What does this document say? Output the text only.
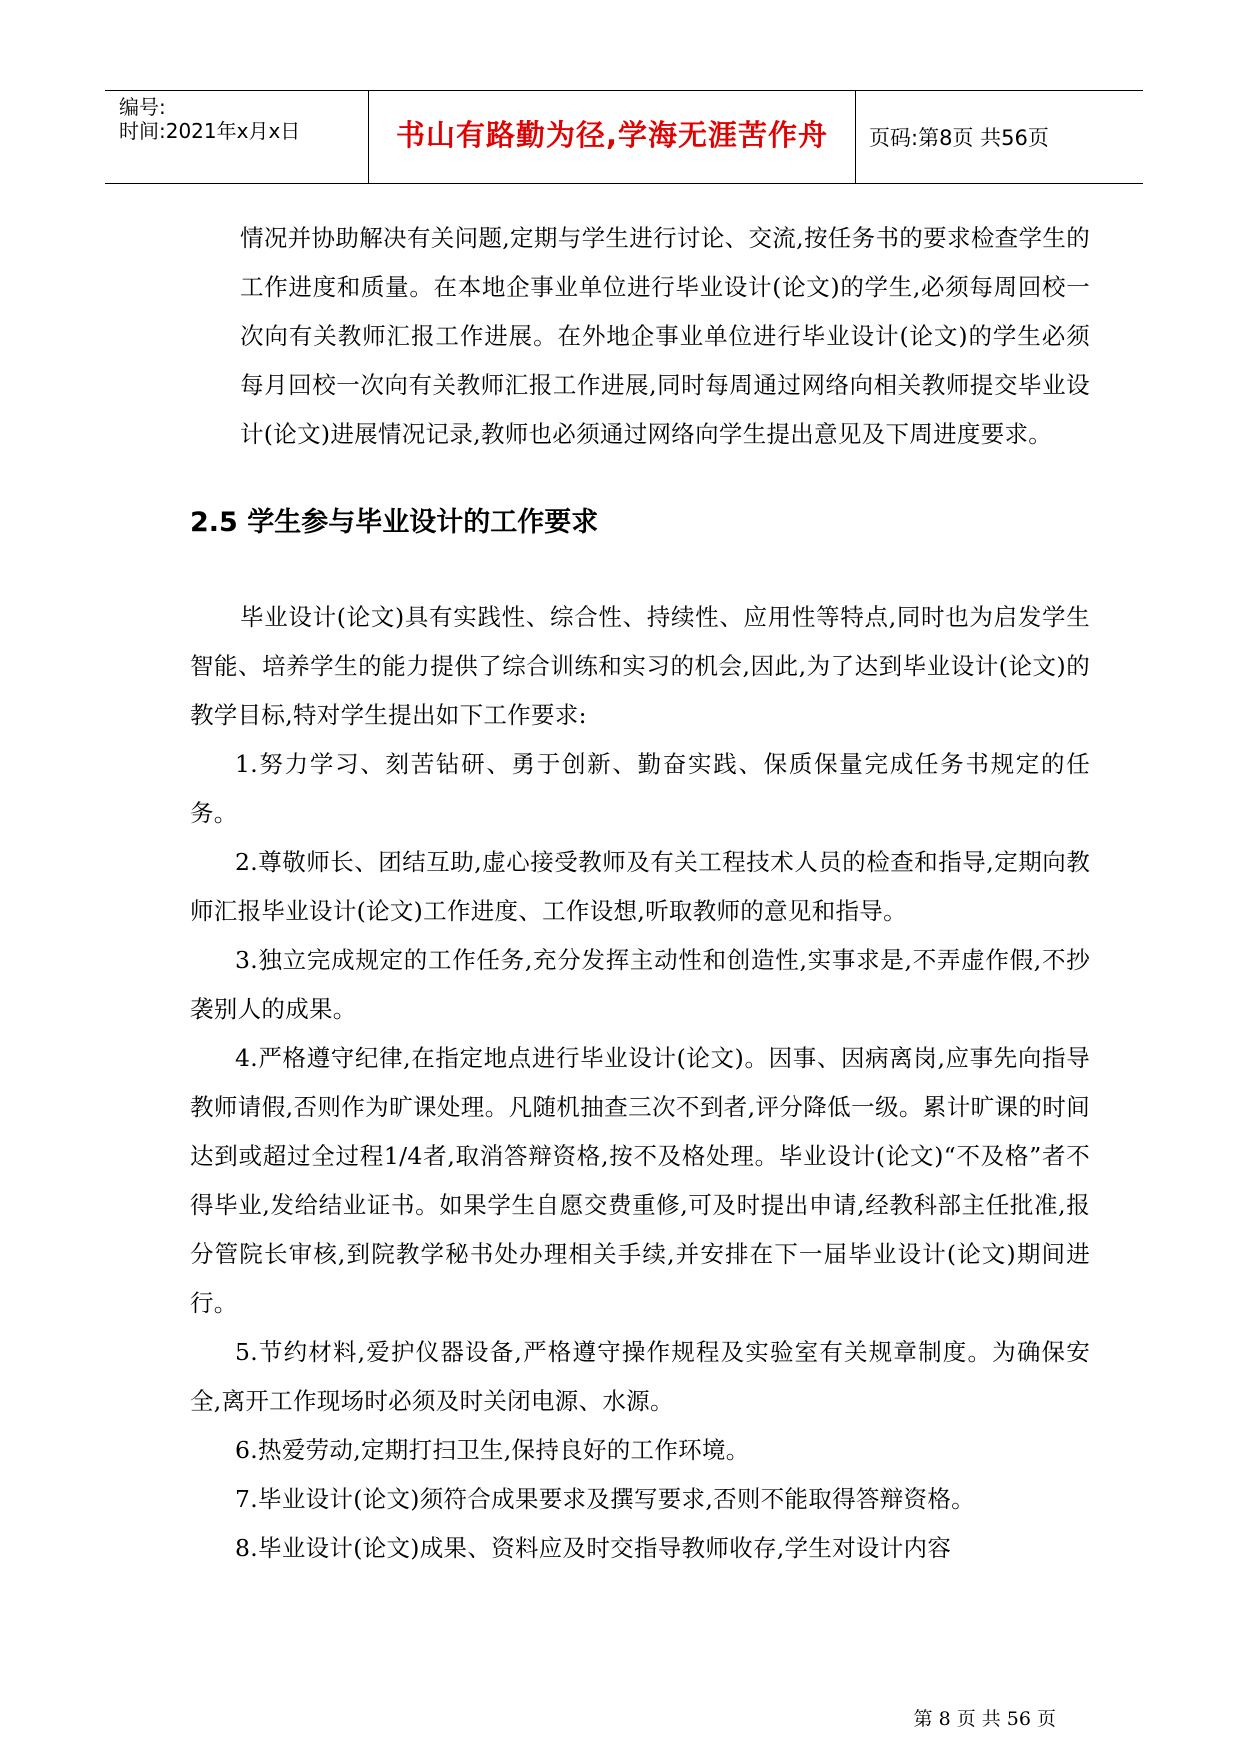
编号:
时间:2021年x月x日	书山有路勤为径,学海无涯苦作舟	页码:第8页 共56页

情况并协助解决有关问题,定期与学生进行讨论、交流,按任务书的要求检查学生的工作进度和质量。在本地企事业单位进行毕业设计(论文)的学生,必须每周回校一次向有关教师汇报工作进展。在外地企事业单位进行毕业设计(论文)的学生必须每月回校一次向有关教师汇报工作进展,同时每周通过网络向相关教师提交毕业设计(论文)进展情况记录,教师也必须通过网络向学生提出意见及下周进度要求。

2.5 学生参与毕业设计的工作要求

毕业设计(论文)具有实践性、综合性、持续性、应用性等特点,同时也为启发学生智能、培养学生的能力提供了综合训练和实习的机会,因此,为了达到毕业设计(论文)的教学目标,特对学生提出如下工作要求:

1.努力学习、刻苦钻研、勇于创新、勤奋实践、保质保量完成任务书规定的任务。

2.尊敬师长、团结互助,虚心接受教师及有关工程技术人员的检查和指导,定期向教师汇报毕业设计(论文)工作进度、工作设想,听取教师的意见和指导。

3.独立完成规定的工作任务,充分发挥主动性和创造性,实事求是,不弄虚作假,不抄袭别人的成果。

4.严格遵守纪律,在指定地点进行毕业设计(论文)。因事、因病离岗,应事先向指导教师请假,否则作为旷课处理。凡随机抽查三次不到者,评分降低一级。累计旷课的时间达到或超过全过程1/4者,取消答辩资格,按不及格处理。毕业设计(论文)“不及格”者不得毕业,发给结业证书。如果学生自愿交费重修,可及时提出申请,经教科部主任批准,报分管院长审核,到院教学秘书处办理相关手续,并安排在下一届毕业设计(论文)期间进行。

5.节约材料,爱护仪器设备,严格遵守操作规程及实验室有关规章制度。为确保安全,离开工作现场时必须及时关闭电源、水源。

6.热爱劳动,定期打扫卫生,保持良好的工作环境。

7.毕业设计(论文)须符合成果要求及撰写要求,否则不能取得答辩资格。

8.毕业设计(论文)成果、资料应及时交指导教师收存,学生对设计内容

第 8 页 共 56 页
